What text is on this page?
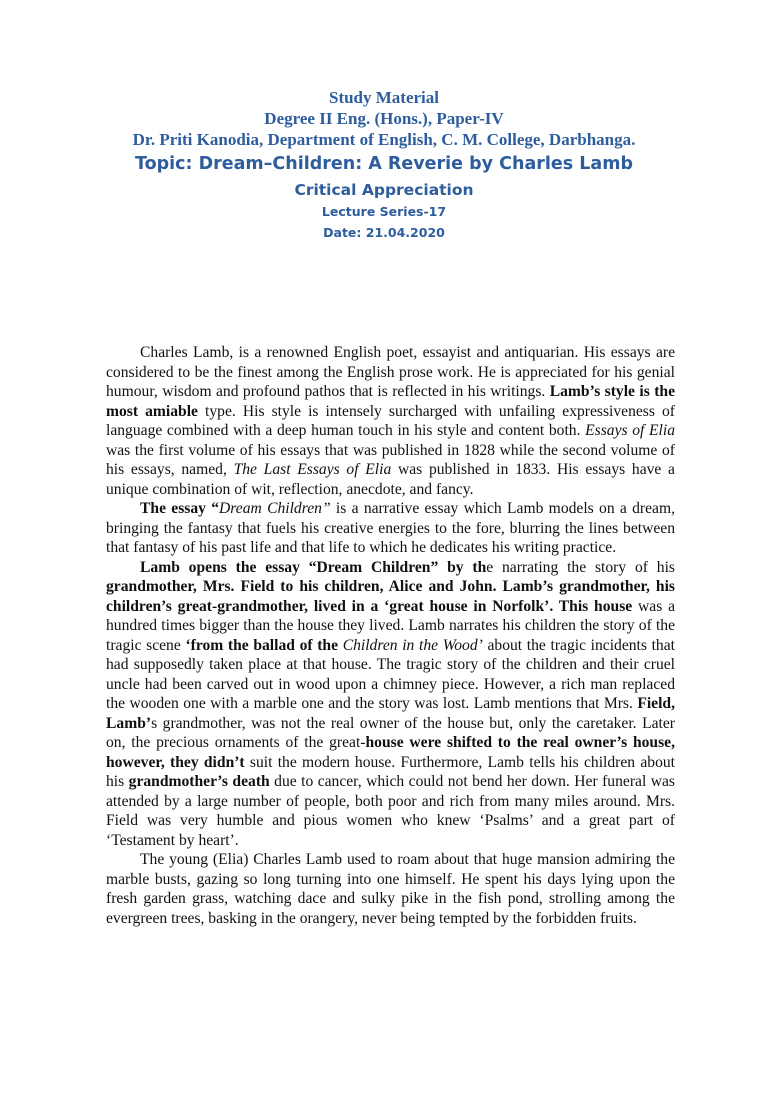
Study Material
Degree II Eng. (Hons.), Paper-IV
Dr. Priti Kanodia, Department of English, C. M. College, Darbhanga.
Topic: Dream–Children: A Reverie by Charles Lamb
Critical Appreciation
Lecture Series-17
Date: 21.04.2020

Charles Lamb, is a renowned English poet, essayist and antiquarian. His essays are considered to be the finest among the English prose work. He is appreciated for his genial humour, wisdom and profound pathos that is reflected in his writings. Lamb’s style is the most amiable type. His style is intensely surcharged with unfailing expressiveness of language combined with a deep human touch in his style and content both. Essays of Elia was the first volume of his essays that was published in 1828 while the second volume of his essays, named, The Last Essays of Elia was published in 1833. His essays have a unique combination of wit, reflection, anecdote, and fancy.

The essay “Dream Children” is a narrative essay which Lamb models on a dream, bringing the fantasy that fuels his creative energies to the fore, blurring the lines between that fantasy of his past life and that life to which he dedicates his writing practice.

Lamb opens the essay “Dream Children” by the narrating the story of his grandmother, Mrs. Field to his children, Alice and John. Lamb’s grandmother, his children’s great-grandmother, lived in a ‘great house in Norfolk’. This house was a hundred times bigger than the house they lived. Lamb narrates his children the story of the tragic scene ‘from the ballad of the Children in the Wood’ about the tragic incidents that had supposedly taken place at that house. The tragic story of the children and their cruel uncle had been carved out in wood upon a chimney piece. However, a rich man replaced the wooden one with a marble one and the story was lost. Lamb mentions that Mrs. Field, Lamb’s grandmother, was not the real owner of the house but, only the caretaker. Later on, the precious ornaments of the great-house were shifted to the real owner’s house, however, they didn’t suit the modern house. Furthermore, Lamb tells his children about his grandmother’s death due to cancer, which could not bend her down. Her funeral was attended by a large number of people, both poor and rich from many miles around. Mrs. Field was very humble and pious women who knew ‘Psalms’ and a great part of ‘Testament by heart’.

The young (Elia) Charles Lamb used to roam about that huge mansion admiring the marble busts, gazing so long turning into one himself. He spent his days lying upon the fresh garden grass, watching dace and sulky pike in the fish pond, strolling among the evergreen trees, basking in the orangery, never being tempted by the forbidden fruits.
